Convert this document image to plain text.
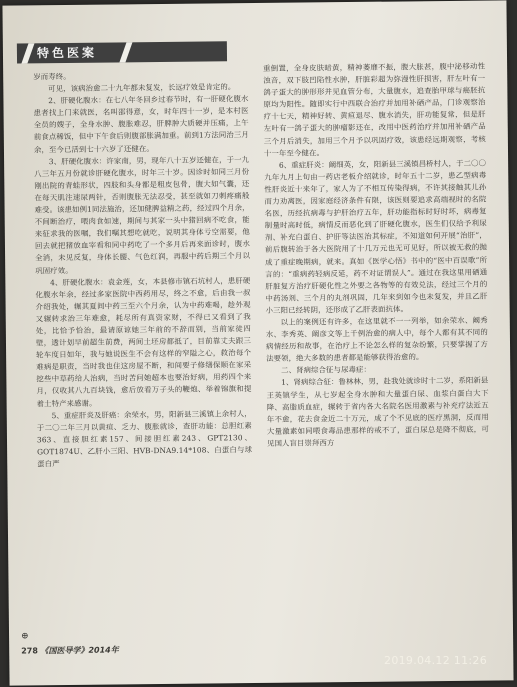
特色医案

岁而寿终。

可见，该病治愈二十九年都未复发，长远疗效是肯定的。

2、肝硬化腹水：在七八年冬回乡过春节时，有一肝硬化腹水患者找上门来就医，名叫邵得意，女，时年四十一岁，是本村医全员的嫂子，全身水肿、腹胀难忍，肝脾肿大质硬并压痛，上午前食点稀饭，但中下午食后则腹部胀满加重。前到1方法同治三月余，至今已活到七十六岁了还健在。

3、肝硬化腹水：许家南，男，现年八十五岁还健在，于一九八三年五月份就诊肝硬化腹水，时年三十岁。因诊时如同三月份刚出院的青蛙形状，四肢和头身都是粗皮包骨，腹大如气囊，还在每天肌注速尿两针，否则腹胀无法忍受，甚至就如刀刺疼痛般难受。该患如例1同法施治，还加健脾益精之药，经过四个月余，不间断治疗，喂肉食如速，期间与其家一头中猪回病不吃食，能来征求我的医嘱，我们嘱其想吃就吃，说明其身体亏空需要，他回去就把猪放血宰看和同中药吃了一个多月后再来面诊时，腹水全消，未见反复，身体长腰、气色红润，再服中药后期三个月以巩固疗效。

4、肝硬化腹水：袁金莲，女，本县修市镇石坑村人，患肝硬化腹水年余，经过多家医院中西药用尽，终之不愈，后由我一叔介绍我处，辗其夏间中药三至六个月余，认为中药难喝，趁外观又辗转求治三年难愈，耗尽所有真资家财，不得已又看到了我处，比恰予恰治，最请原谅她三年前的不辞而别，当前家徒四壁，透计划早前超生前费，两间土坯房都抵了，目前靠丈夫跟三轮车度日如年，我与她说医生不会有这样的窄隘之心，救治每个难病是职责，当时我也住这房屋不断，和间要子修缮保顺在家采挖些中草药给人治病，当时苦问她超本也要治好病，用药四个来月，仅收其八九百块钱，愈后放看万子头的鞭炮、举着锦旗和提着土特产来感谢。

5、重症肝炎及肝癌：余荣水，男，阳新县三溪镇上余村人，于二〇二年三月以黄疸、乏力、腹胀就诊，查肝功能：总胆红素363、直接胆红素157、间接胆红素243、GPT2130、GOT1874U、乙肝小三阳、HVB-DNA9.14*108、白蛋白与球蛋白严

重倒置，全身皮肤暗黄，精神萎靡不振，腹大胀甚，腹中泌移动性浊音，双下肢凹陷性水肿，肝脏彩超为弥漫性肝损害，肝左叶有一鸽子蛋大的肿形形并见血管分布，大量腹水，追查胎甲球与癌胚抗原均为阳性。随即实行中西联合治疗并加用补硒产品，门诊观察治疗十七天，精神好转、黄疸退尽、腹水消失，肝功能复常，但是肝左叶有一鸽子蛋大的肿瘤影还在，改用中医药治疗并加用补硒产品三个月后消失，加用三个月予以巩固疗效，该患经远期观察，考核十一年至今健在。

6、重症肝炎：阚细英，女，阳新县三溪镇昌桥村人，于二〇〇九年九月上旬由一药店老板介绍就诊，时年五十二岁，患乙型病毒性肝炎近十来年了，家人为了不相互传染得病，不许其接触其儿孙而力劝离医，因家庭经济条件有限，该医则要追求高端视时的名院名医，历经抗病毒与护肝治疗五年，肝功能指标时好时坏，病毒复制量时高时低，病情反而恶化到了肝硬化腹水，医生们仅给予利尿剂、补充白蛋白、护肝等法医治其标症，不知道如何开展“治肝”，前后腹转治于各大医院用了十几万元也无可见好，所以被无救的抛成了重症晚期病，就来。真如《医学心悟》书中的“医中百误歌”所言的：“重病药轻病反延，药不对证谓误人”。通过在我这里用硒通肝脏复方治疗肝硬化性之外要之各物等的有效兑法，经过三个月的中药汤剂、三个月的丸剂巩固，几年来到如今也未复发，并且乙肝小三阳已经转阴，还形成了乙肝表面抗体。

以上的案例还有许多，在这里就不一一列举，如余荣水、阚秀水、李秀英、阚彦文等上千例治愈的病人中，每个人都有其不同的病情经历和故事，在治疗上不论怎么样的复杂纷繁，只要掌握了方法要领，绝大多数的患者都是能够获得治愈的。

二、肾病综合征与尿毒症：

1、肾病综合征：鲁林林，男，赴我处就诊时十二岁，系阳新县王英镇学生，从七岁起全身水肿和大量蛋白尿、血浆白蛋白大下降、高脂质血症，辗转于省内各大名院名医用激素与补充疗法近五年不愈，花去食金近二十万元，成了个不见底的医疗黑洞，反而用大量激素如同喂食毒品患那样的戒不了，蛋白尿总是降不彻底，可见国人盲目崇拜西方

⊕
278 《国医导学》2014年
2019.04.12 11:26
